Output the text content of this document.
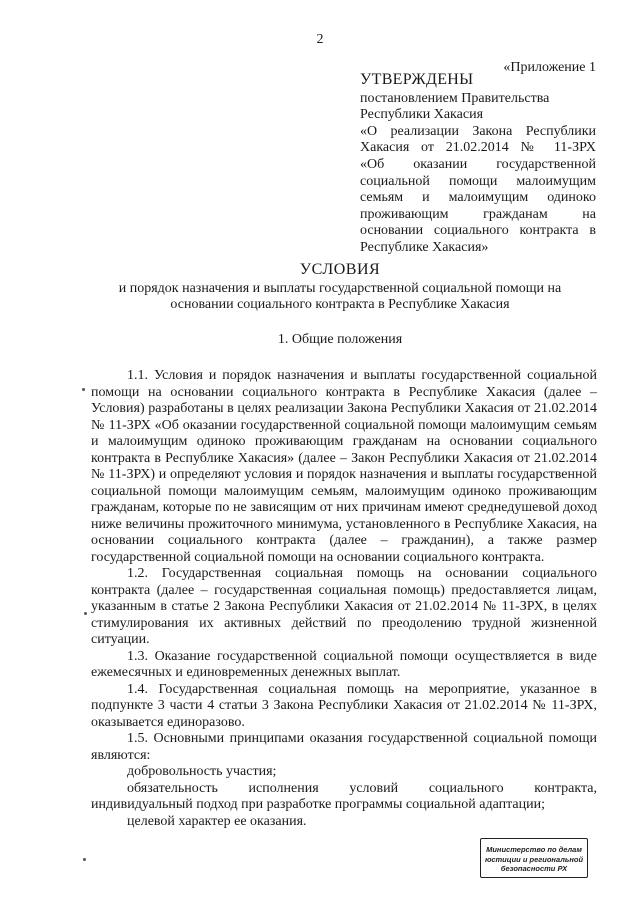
2
«Приложение 1
УТВЕРЖДЕНЫ
постановлением Правительства
Республики Хакасия
«О реализации Закона Республики
Хакасия от 21.02.2014 № 11-ЗРХ
«Об оказании государственной
социальной помощи малоимущим
семьям и малоимущим одиноко
проживающим гражданам на
основании социального контракта в
Республике Хакасия»
УСЛОВИЯ
и порядок назначения и выплаты государственной социальной помощи на
основании социального контракта в Республике Хакасия
1. Общие положения

1.1. Условия и порядок назначения и выплаты государственной социальной помощи на основании социального контракта в Республике Хакасия (далее – Условия) разработаны в целях реализации Закона Республики Хакасия от 21.02.2014 № 11-ЗРХ «Об оказании государственной социальной помощи малоимущим семьям и малоимущим одиноко проживающим гражданам на основании социального контракта в Республике Хакасия» (далее – Закон Республики Хакасия от 21.02.2014 № 11-ЗРХ) и определяют условия и порядок назначения и выплаты государственной социальной помощи малоимущим семьям, малоимущим одиноко проживающим гражданам, которые по не зависящим от них причинам имеют среднедушевой доход ниже величины прожиточного минимума, установленного в Республике Хакасия, на основании социального контракта (далее – гражданин), а также размер государственной социальной помощи на основании социального контракта.

1.2. Государственная социальная помощь на основании социального контракта (далее – государственная социальная помощь) предоставляется лицам, указанным в статье 2 Закона Республики Хакасия от 21.02.2014 № 11-ЗРХ, в целях стимулирования их активных действий по преодолению трудной жизненной ситуации.

1.3. Оказание государственной социальной помощи осуществляется в виде ежемесячных и единовременных денежных выплат.

1.4. Государственная социальная помощь на мероприятие, указанное в подпункте 3 части 4 статьи 3 Закона Республики Хакасия от 21.02.2014 № 11-ЗРХ, оказывается единоразово.

1.5. Основными принципами оказания государственной социальной помощи являются:

добровольность участия;

обязательность исполнения условий социального контракта,

индивидуальный подход при разработке программы социальной адаптации;

целевой характер ее оказания.

Министерство по делам
юстиции и региональной
безопасности РХ
